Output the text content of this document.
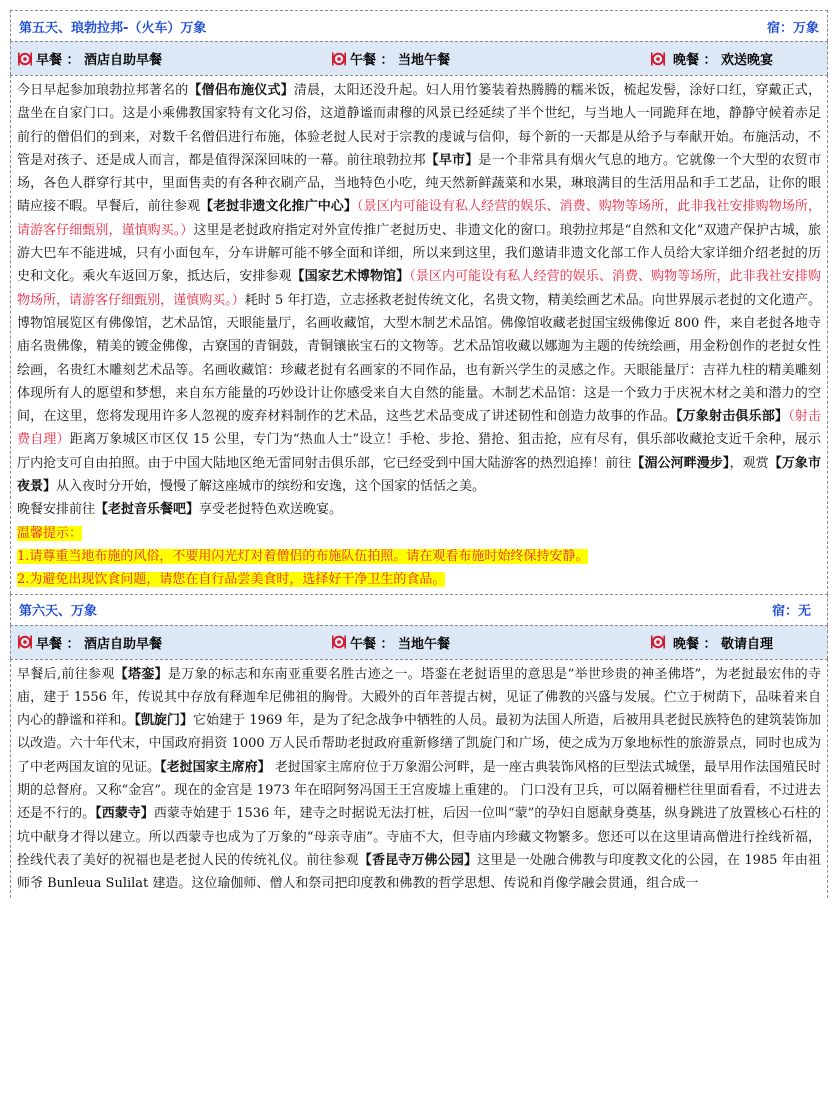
第五天、琅勃拉邦-（火车）万象	宿：万象
早餐 ： 酒店自助早餐	午餐 ： 当地午餐	晚餐 ： 欢送晚宴

今日早起参加琅勃拉邦著名的【僧侣布施仪式】清晨，太阳还没升起。妇人用竹篓装着热腾腾的糯米饭，梳起发髻，涂好口红，穿戴正式，盘坐在自家门口。这是小乘佛教国家特有文化习俗，这道静谧而肃穆的风景已经延续了半个世纪，与当地人一同跪拜在地，静静守候着赤足前行的僧侣们的到来，对数千名僧侣进行布施，体验老挝人民对于宗教的虔诚与信仰，每个新的一天都是从给予与奉献开始。布施活动，不管是对孩子、还是成人而言，都是值得深深回味的一幕。前往琅勃拉邦【早市】是一个非常具有烟火气息的地方。它就像一个大型的农贸市场，各色人群穿行其中，里面售卖的有各种衣刷产品，当地特色小吃，纯天然新鲜蔬菜和水果，琳琅满目的生活用品和手工艺品，让你的眼睛应接不暇。早餐后，前往参观【老挝非遗文化推广中心】（景区内可能设有私人经营的娱乐、消费、购物等场所，此非我社安排购物场所，请游客仔细甄别，谨慎购买。）这里是老挝政府指定对外宣传推广老挝历史、非遗文化的窗口。琅勃拉邦是“自然和文化”双遗产保护古城，旅游大巴车不能进城，只有小面包车，分车讲解可能不够全面和详细，所以来到这里，我们邀请非遗文化部工作人员给大家详细介绍老挝的历史和文化。乘火车返回万象，抵达后，安排参观【国家艺术博物馆】（景区内可能设有私人经营的娱乐、消费、购物等场所，此非我社安排购物场所，请游客仔细甄别，谨慎购买。）耗时 5 年打造，立志拯救老挝传统文化，名贵文物，精美绘画艺术品。向世界展示老挝的文化遗产。博物馆展览区有佛像馆，艺术品馆，天眼能量厅，名画收藏馆，大型木制艺术品馆。佛像馆收藏老挝国宝级佛像近 800 件，来自老挝各地寺庙名贵佛像，精美的镀金佛像，古寮国的青铜鼓，青铜镶嵌宝石的文物等。艺术品馆收藏以娜迦为主题的传统绘画，用金粉创作的老挝女性绘画，名贵红木雕刻艺术品等。名画收藏馆：珍藏老挝有名画家的不同作品，也有新兴学生的灵感之作。天眼能量厅：吉祥九柱的精美雕刻体现所有人的愿望和梦想，来自东方能量的巧妙设计让你感受来自大自然的能量。木制艺术品馆：这是一个致力于庆祝木材之美和潜力的空间，在这里，您将发现用许多人忽视的废弃材料制作的艺术品，这些艺术品变成了讲述韧性和创造力故事的作品。【万象射击俱乐部】（射击费自理）距离万象城区市区仅 15 公里，专门为“热血人士”设立！手枪、步抢、猎抢、狙击抢，应有尽有，俱乐部收藏抢支近千余种，展示厅内抢支可自由拍照。由于中国大陆地区绝无雷同射击俱乐部，它已经受到中国大陆游客的热烈追捧！前往【湄公河畔漫步】，观赏【万象市夜景】从入夜时分开始，慢慢了解这座城市的缤纷和安逸，这个国家的恬恬之美。

晚餐安排前往【老挝音乐餐吧】享受老挝特色欢送晚宴。

温馨提示：

1.请尊重当地布施的风俗，不要用闪光灯对着僧侣的布施队伍拍照。请在观看布施时始终保持安静。

2.为避免出现饮食问题，请您在自行品尝美食时，选择好干净卫生的食品。

第六天、万象	宿：无
早餐 ： 酒店自助早餐	午餐 ： 当地午餐	晚餐 ： 敬请自理

早餐后,前往参观【塔銮】是万象的标志和东南亚重要名胜古迹之一。塔銮在老挝语里的意思是“举世珍贵的神圣佛塔”，为老挝最宏伟的寺庙，建于 1556 年，传说其中存放有释迦牟尼佛祖的胸骨。大殿外的百年菩提古树，见证了佛教的兴盛与发展。伫立于树荫下，品味着来自内心的静谧和祥和。【凯旋门】它始建于 1969 年，是为了纪念战争中牺牲的人员。最初为法国人所造，后被用具老挝民族特色的建筑装饰加以改造。六十年代末，中国政府捐资 1000 万人民币帮助老挝政府重新修缮了凯旋门和广场，使之成为万象地标性的旅游景点，同时也成为了中老两国友谊的见证。【老挝国家主席府】 老挝国家主席府位于万象湄公河畔，是一座古典装饰风格的巨型法式城堡，最早用作法国殖民时期的总督府。又称“金宫”。现在的金宫是 1973 年在昭阿努冯国王王宫废墟上重建的。 门口没有卫兵，可以隔着栅栏往里面看看，不过进去还是不行的。【西蒙寺】西蒙寺始建于 1536 年，建寺之时据说无法打桩，后因一位叫“蒙”的孕妇自愿献身奠基，纵身跳进了放置核心石柱的坑中献身才得以建立。所以西蒙寺也成为了万象的“母亲寺庙”。寺庙不大，但寺庙内珍藏文物繁多。您还可以在这里请高僧进行拴线祈福，拴线代表了美好的祝福也是老挝人民的传统礼仪。前往参观【香昆寺万佛公园】这里是一处融合佛教与印度教文化的公园，在 1985 年由祖师爷 Bunleua Sulilat 建造。这位瑜伽师、僧人和祭司把印度教和佛教的哲学思想、传说和肖像学融会贯通，组合成一
